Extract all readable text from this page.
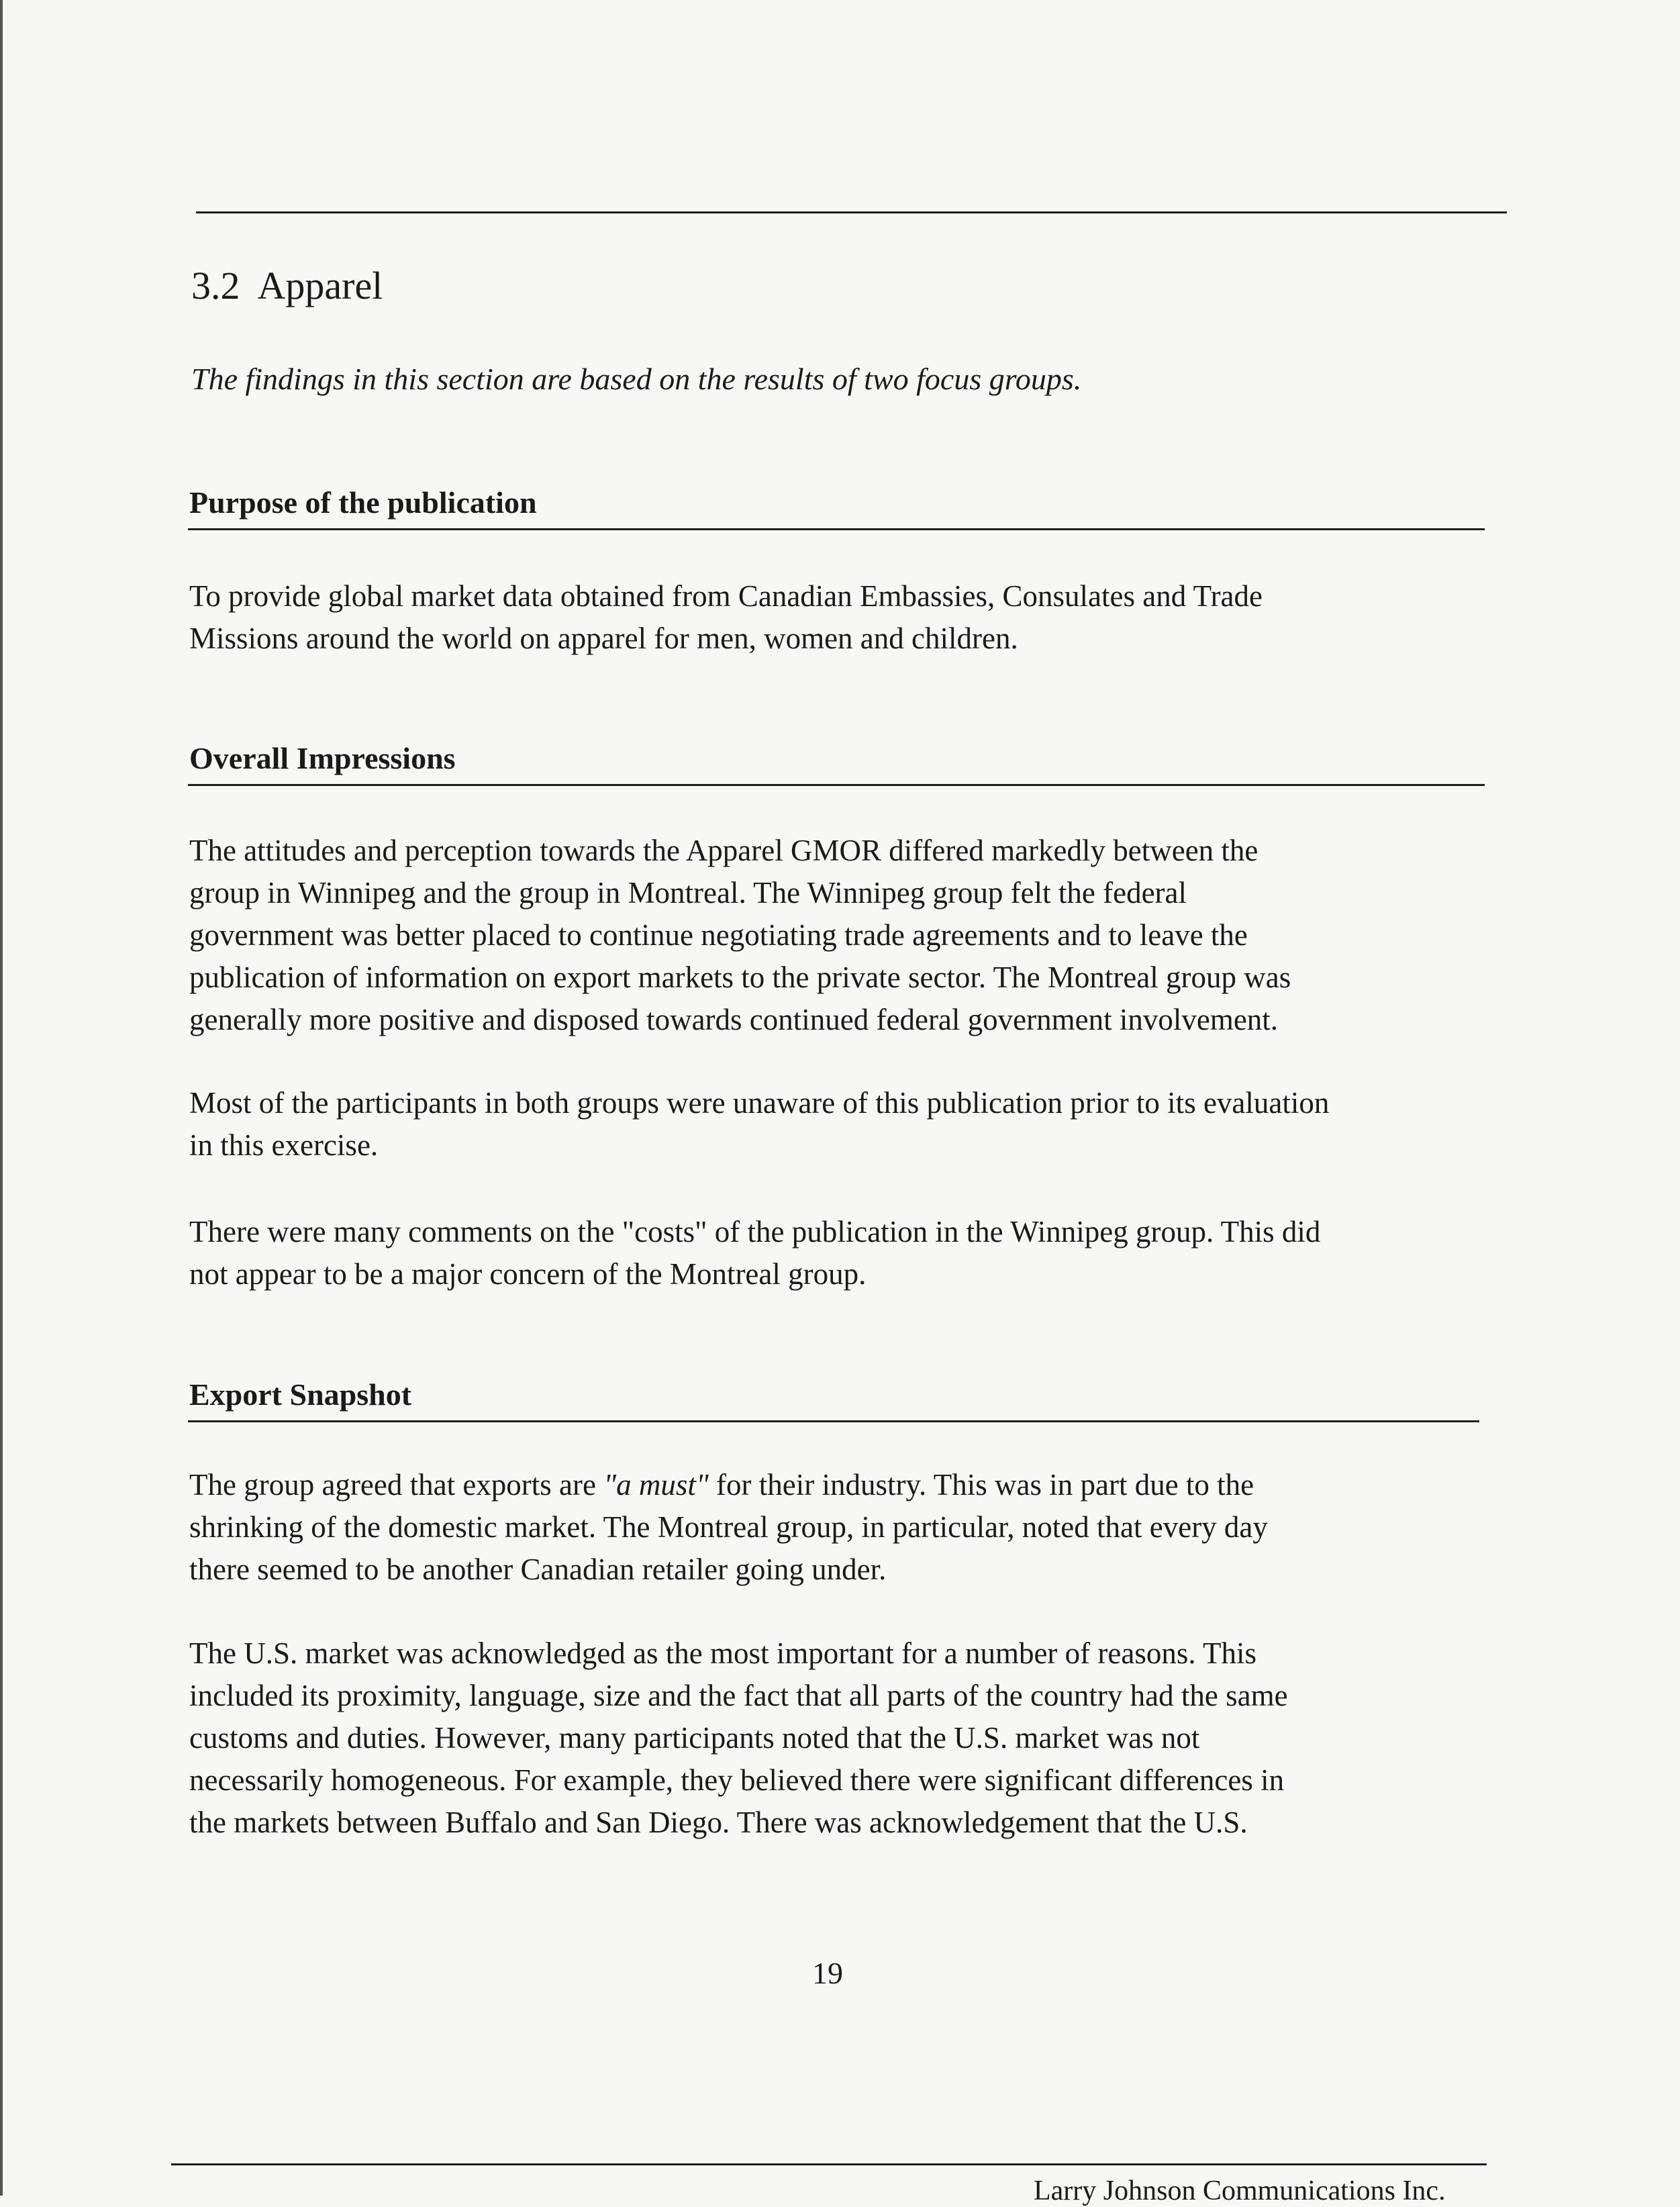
3.2 Apparel

The findings in this section are based on the results of two focus groups.

Purpose of the publication

To provide global market data obtained from Canadian Embassies, Consulates and Trade
Missions around the world on apparel for men, women and children.

Overall Impressions

The attitudes and perception towards the Apparel GMOR differed markedly between the
group in Winnipeg and the group in Montreal. The Winnipeg group felt the federal
government was better placed to continue negotiating trade agreements and to leave the
publication of information on export markets to the private sector. The Montreal group was
generally more positive and disposed towards continued federal government involvement.

Most of the participants in both groups were unaware of this publication prior to its evaluation
in this exercise.

There were many comments on the "costs" of the publication in the Winnipeg group. This did
not appear to be a major concern of the Montreal group.

Export Snapshot

The group agreed that exports are "a must" for their industry. This was in part due to the
shrinking of the domestic market. The Montreal group, in particular, noted that every day
there seemed to be another Canadian retailer going under.

The U.S. market was acknowledged as the most important for a number of reasons. This
included its proximity, language, size and the fact that all parts of the country had the same
customs and duties. However, many participants noted that the U.S. market was not
necessarily homogeneous. For example, they believed there were significant differences in
the markets between Buffalo and San Diego. There was acknowledgement that the U.S.

19
Larry Johnson Communications Inc.
